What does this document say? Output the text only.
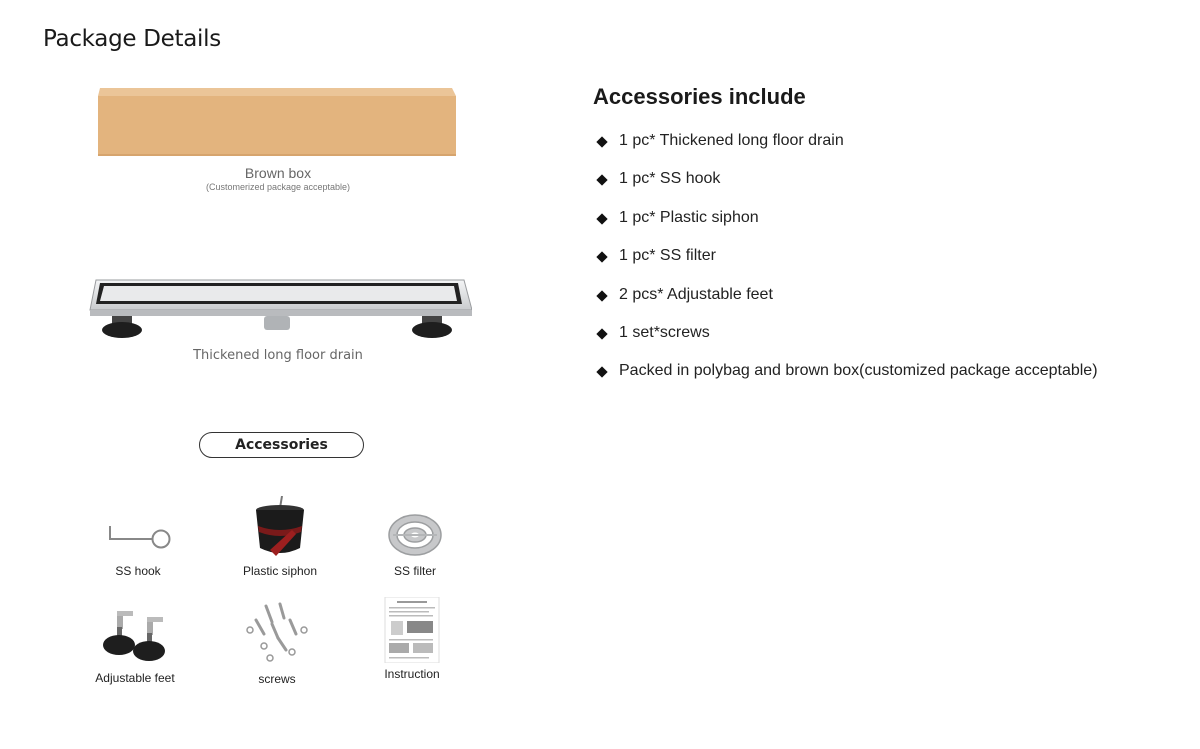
Package Details
Brown box
(Customerized package acceptable)
Thickened long floor drain
Accessories
SS hook	Plastic siphon	SS filter
Adjustable feet	screws	Instruction
Accessories include
1 pc* Thickened long floor drain
1 pc* SS hook
1 pc* Plastic siphon
1 pc* SS filter
2 pcs* Adjustable feet
1 set*screws
Packed in polybag and brown box(customized package acceptable)
